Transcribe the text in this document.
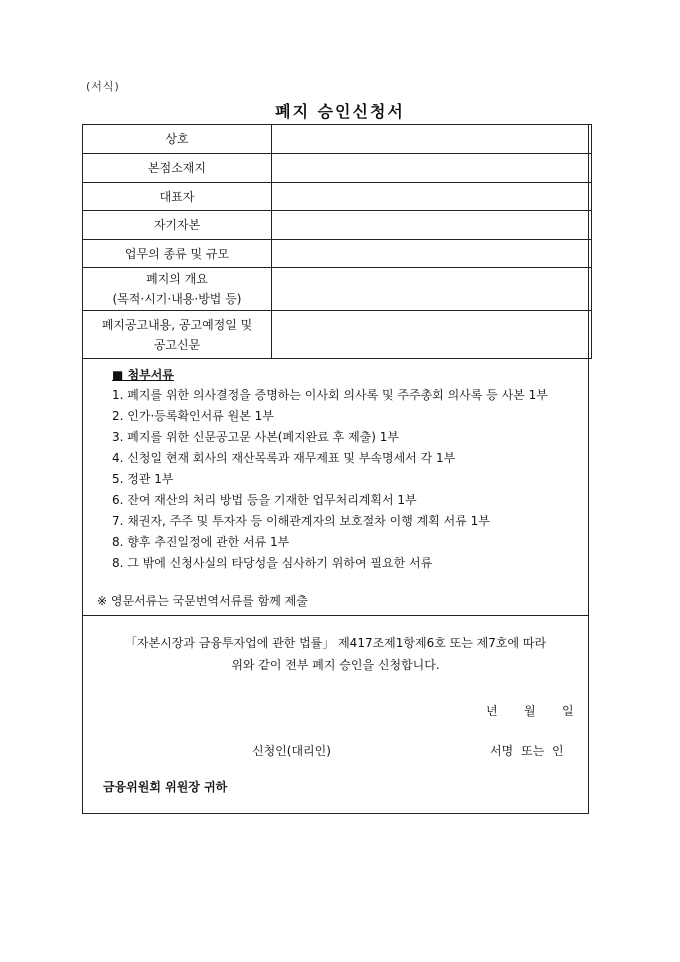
(서식)
폐지 승인신청서
상호	
본점소재지	
대표자	
자기자본	
업무의 종류 및 규모	

폐지의 개요
(목적·시기·내용·방법 등)	

폐지공고내용, 공고예정일 및
공고신문	

■ 첨부서류
1. 폐지를 위한 의사결정을 증명하는 이사회 의사록 및 주주총회 의사록 등 사본 1부
2. 인가·등록확인서류 원본 1부
3. 폐지를 위한 신문공고문 사본(폐지완료 후 제출) 1부
4. 신청일 현재 회사의 재산목록과 재무제표 및 부속명세서 각 1부
5. 정관 1부
6. 잔여 재산의 처리 방법 등을 기재한 업무처리계획서 1부
7. 채권자, 주주 및 투자자 등 이해관계자의 보호절차 이행 계획 서류 1부
8. 향후 추진일정에 관한 서류 1부
8. 그 밖에 신청사실의 타당성을 심사하기 위하여 필요한 서류
※ 영문서류는 국문번역서류를 함께 제출
「자본시장과 금융투자업에 관한 법률」 제417조제1항제6호 또는 제7호에 따라
위와 같이 전부 폐지 승인을 신청합니다.
년 월 일
신청인(대리인)	서명 또는 인
금융위원회 위원장 귀하
